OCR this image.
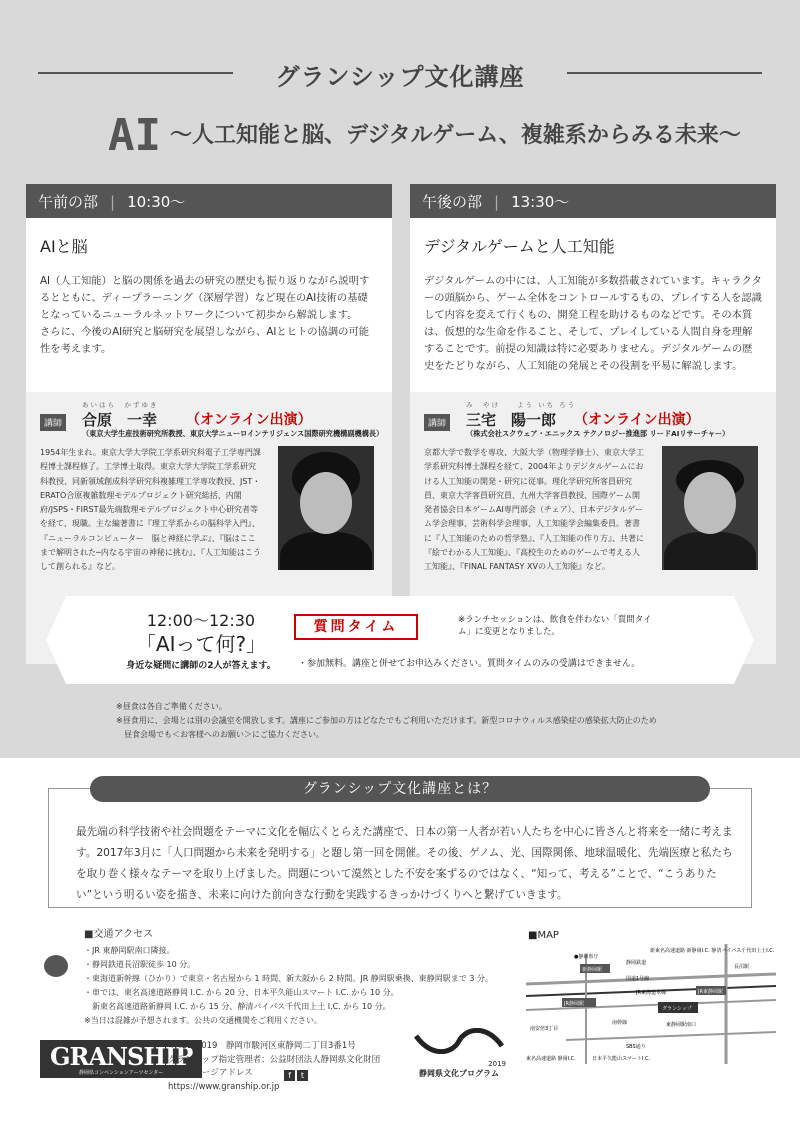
グランシップ文化講座
AI 〜人工知能と脳、デジタルゲーム、複雑系からみる未来〜
午前の部 | 10:30〜
AIと脳
AI（人工知能）と脳の関係を過去の研究の歴史も振り返りながら説明するとともに、ディープラーニング（深層学習）など現在のAI技術の基礎となっているニューラルネットワークについて初歩から解説します。
さらに、今後のAI研究と脳研究を展望しながら、AIとヒトの協調の可能性を考えます。
講師
あいはら　かずゆき
合原　一幸 （オンライン出演）
（東京大学生産技術研究所教授、東京大学ニューロインテリジェンス国際研究機構副機構長）
1954年生まれ。東京大学大学院工学系研究科電子工学専門課程博士課程修了。工学博士取得。東京大学大学院工学系研究科教授、同新領域創成科学研究科複雑理工学専攻教授、JST・ERATO合原複雑数理モデルプロジェクト研究総括、内閣府/JSPS・FIRST最先端数理モデルプロジェクト中心研究者等を経て、現職。主な編著書に『理工学系からの脳科学入門』、『ニューラルコンピューター　脳と神経に学ぶ』、『脳はここまで解明された─内なる宇宙の神秘に挑む』、『人工知能はこうして創られる』など。
午後の部 | 13:30〜
デジタルゲームと人工知能
デジタルゲームの中には、人工知能が多数搭載されています。キャラクターの頭脳から、ゲーム全体をコントロールするもの、プレイする人を認識して内容を変えて行くもの、開発工程を助けるものなどです。その本質は、仮想的な生命を作ること、そして、プレイしている人間自身を理解することです。前提の知識は特に必要ありません。デジタルゲームの歴史をたどりながら、人工知能の発展とその役割を平易に解説します。
講師
み　やけ　　よう いち ろう
三宅　陽一郎 （オンライン出演）
（株式会社スクウェア・エニックス テクノロジー推進部 リードAIリサーチャー）
京都大学で数学を専攻、大阪大学（物理学修士）、東京大学工学系研究科博士課程を経て、2004年よりデジタルゲームにおける人工知能の開発・研究に従事。理化学研究所客員研究員、東京大学客員研究員、九州大学客員教授、国際ゲーム開発者協会日本ゲームAI専門部会（チェア）、日本デジタルゲーム学会理事、芸術科学会理事、人工知能学会編集委員。著書に『人工知能のための哲学塾』、『人工知能の作り方』、共著に『絵でわかる人工知能』、『高校生のためのゲームで考える人工知能』、『FINAL FANTASY XVの人工知能』など。
12:00〜12:30
「AIって何?」
身近な疑問に講師の2人が答えます。
質問タイム	※ランチセッションは、飲食を伴わない「質問タイム」に変更となりました。
・参加無料。講座と併せてお申込みください。質問タイムのみの受講はできません。
※昼食は各自ご準備ください。
※昼食用に、会場とは別の会議室を開放します。講座にご参加の方はどなたでもご利用いただけます。新型コロナウィルス感染症の感染拡大防止のため
　昼食会場でも＜お客様へのお願い＞にご協力ください。
グランシップ文化講座とは？
最先端の科学技術や社会問題をテーマに文化を幅広くとらえた講座で、日本の第一人者が若い人たちを中心に皆さんと将来を一緒に考えます。2017年3月に「人口問題から未来を発明する」と題し第一回を開催。その後、ゲノム、光、国際関係、地球温暖化、先端医療と私たちを取り巻く様々なテーマを取り上げました。問題について漠然とした不安を案ずるのではなく、“知って、考える”ことで、“こうありたい”という明るい姿を描き、未来に向けた前向きな行動を実践するきっかけづくりへと繋げていきます。
■交通アクセス
・JR 東静岡駅南口隣接。
・静岡鉄道長沼駅徒歩 10 分。
・東海道新幹線（ひかり）で東京・名古屋から 1 時間、新大阪から 2 時間。JR 静岡駅乗換、東静岡駅まで 3 分。
・車では、東名高速道路静岡 I.C. から 20 分、日本平久能山スマート I.C. から 10 分。
　新東名高速道路新静岡 I.C. から 15 分、静清バイパス千代田上土 I.C. から 10 分。
※当日は混雑が予想されます。公共の交通機関をご利用ください。
GRANSHIP
静岡県コンベンションアーツセンター
〒422-8019　静岡市駿河区東静岡二丁目3番1号
グランシップ指定管理者：公益財団法人静岡県文化財団
ホームページアドレス
https://www.granship.or.jp
f t
2019
静岡県文化プログラム
■MAP
●静岡県庁
新静岡駅
静岡鉄道
国道1号線
JR東海道本線
JR静岡駅
JR東静岡駅
グランシップ
南幹線
SBS通り
長沼駅
東名高速道路 静岡I.C.	日本平久能山スマートI.C.
新東名高速道路 新静岡I.C. 静清バイパス千代田上土I.C.
南安倍3丁目
東静岡駅南口
